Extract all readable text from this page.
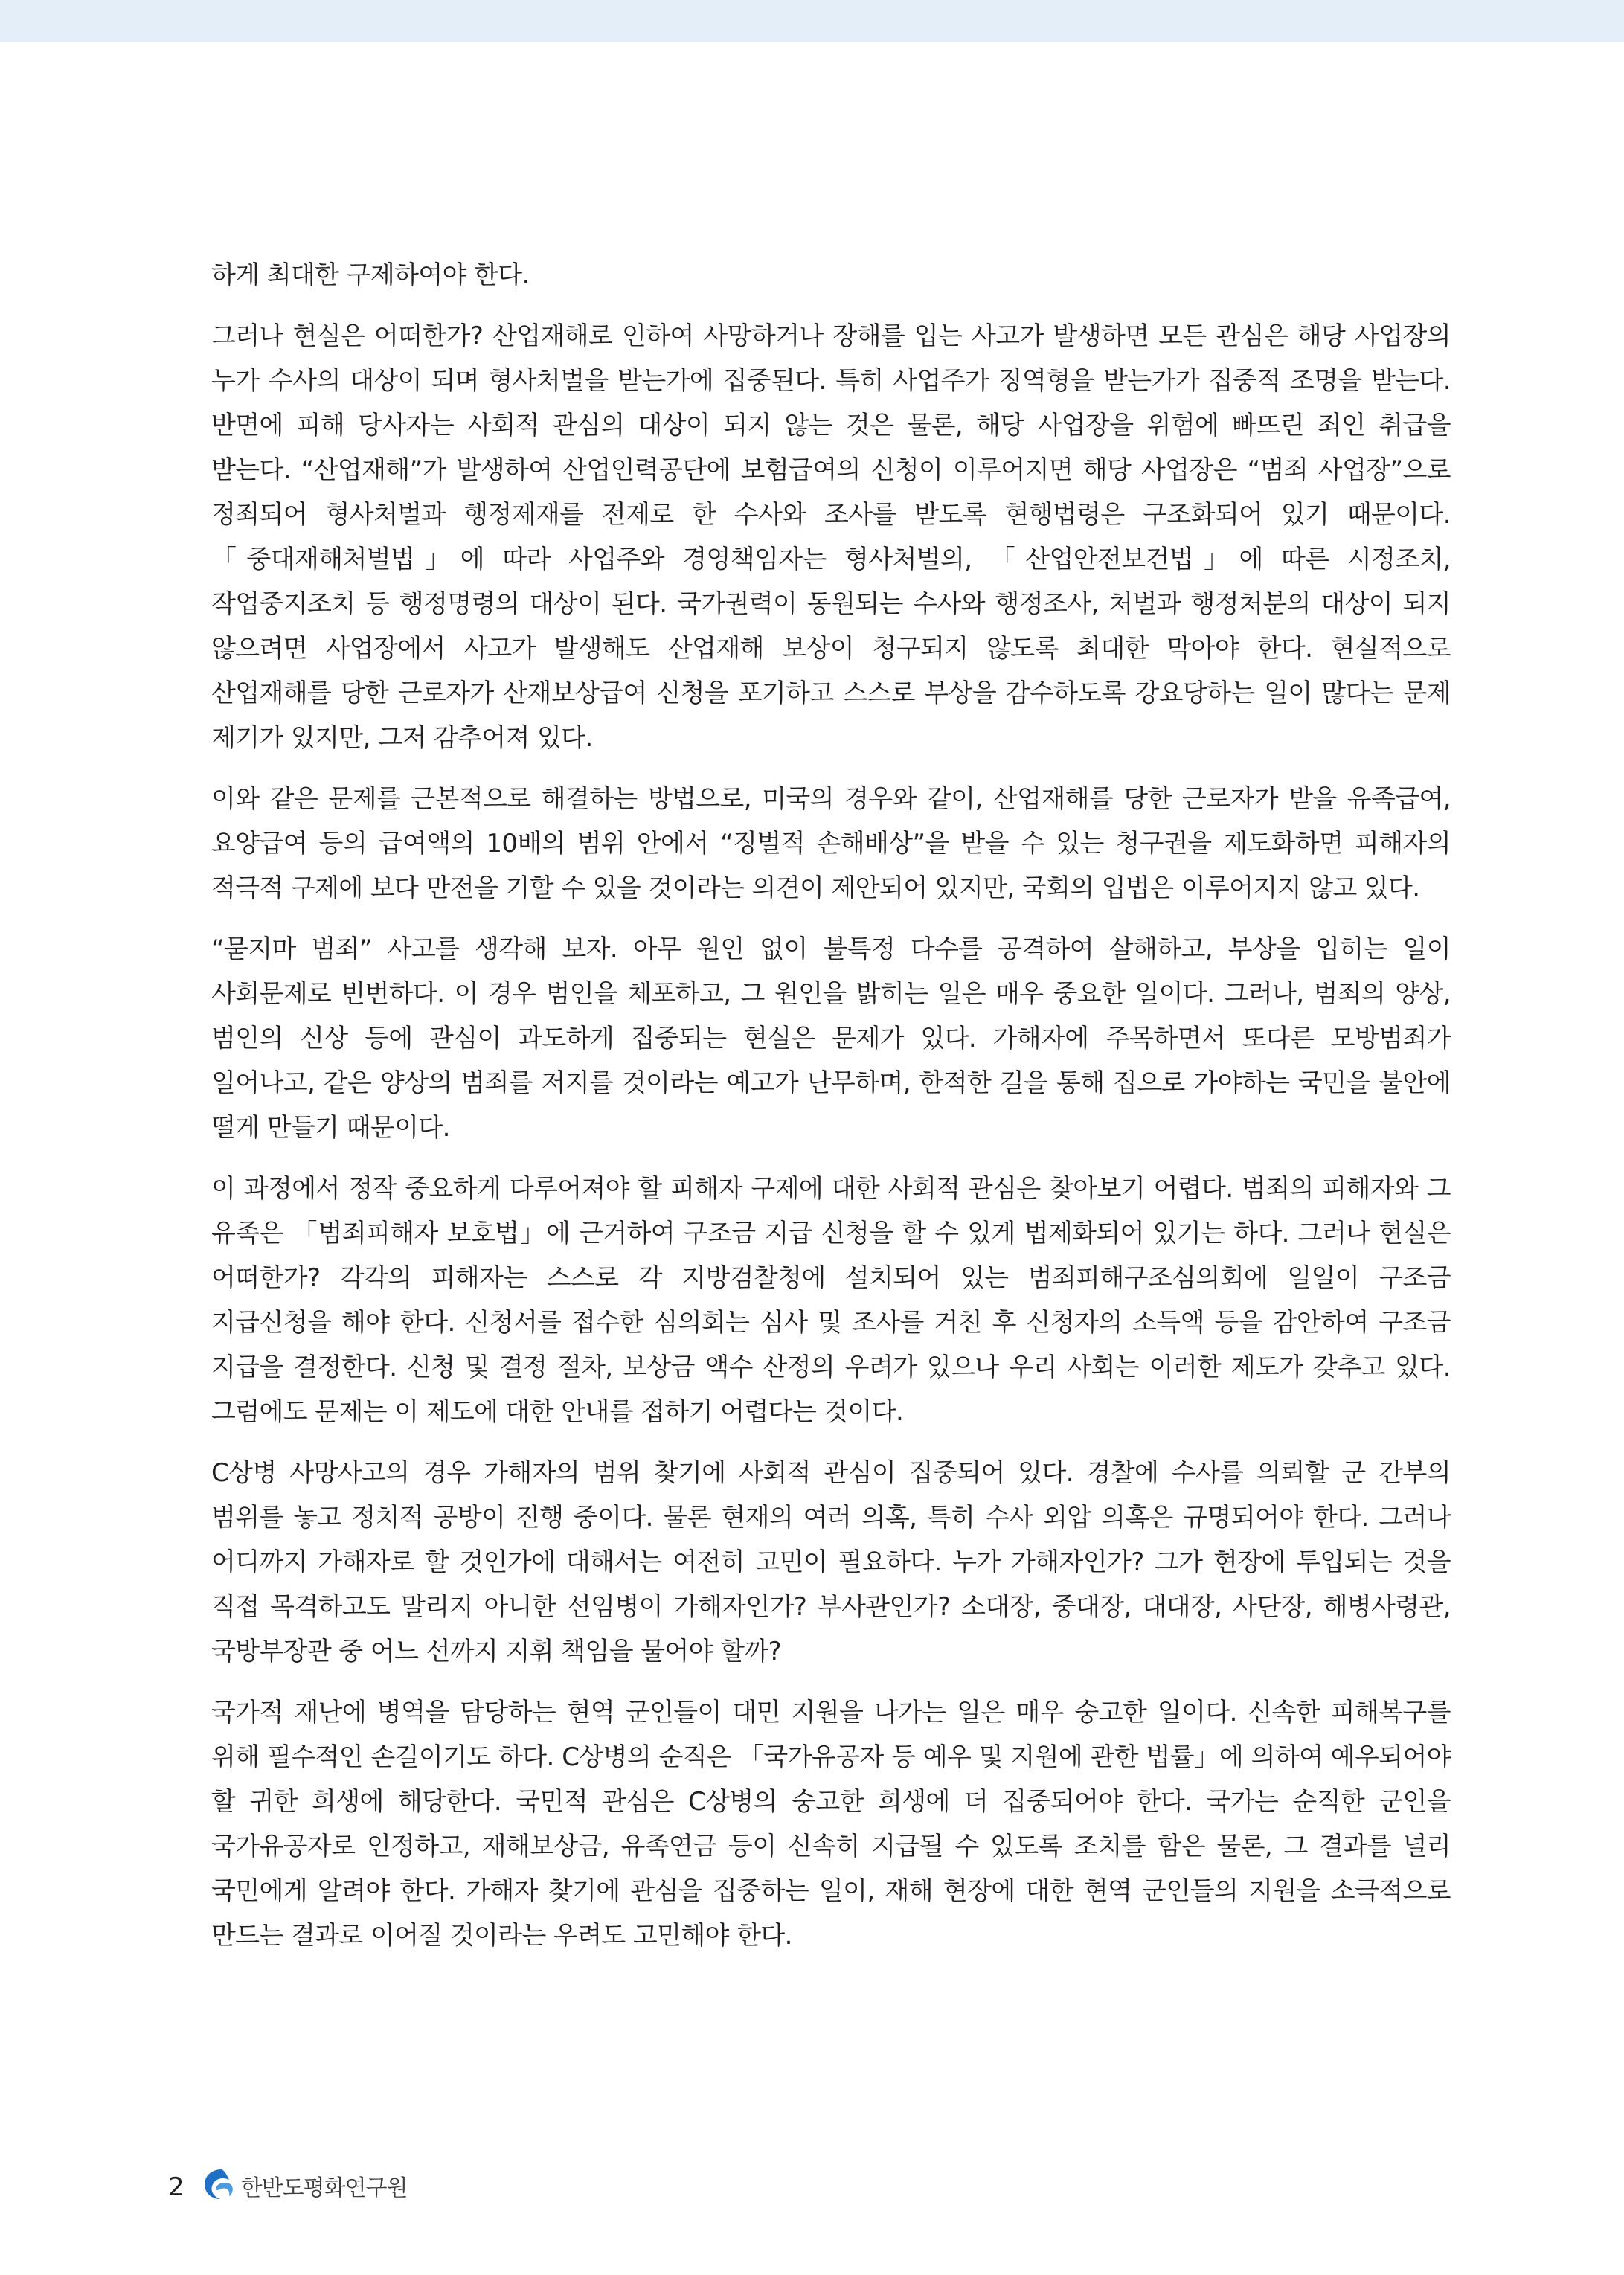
하게 최대한 구제하여야 한다.

그러나 현실은 어떠한가? 산업재해로 인하여 사망하거나 장해를 입는 사고가 발생하면 모든 관심은 해당 사업장의 누가 수사의 대상이 되며 형사처벌을 받는가에 집중된다. 특히 사업주가 징역형을 받는가가 집중적 조명을 받는다. 반면에 피해 당사자는 사회적 관심의 대상이 되지 않는 것은 물론, 해당 사업장을 위험에 빠뜨린 죄인 취급을 받는다. “산업재해”가 발생하여 산업인력공단에 보험급여의 신청이 이루어지면 해당 사업장은 “범죄 사업장”으로 정죄되어 형사처벌과 행정제재를 전제로 한 수사와 조사를 받도록 현행법령은 구조화되어 있기 때문이다. 「중대재해처벌법」에 따라 사업주와 경영책임자는 형사처벌의, 「산업안전보건법」에 따른 시정조치, 작업중지조치 등 행정명령의 대상이 된다. 국가권력이 동원되는 수사와 행정조사, 처벌과 행정처분의 대상이 되지 않으려면 사업장에서 사고가 발생해도 산업재해 보상이 청구되지 않도록 최대한 막아야 한다. 현실적으로 산업재해를 당한 근로자가 산재보상급여 신청을 포기하고 스스로 부상을 감수하도록 강요당하는 일이 많다는 문제 제기가 있지만, 그저 감추어져 있다.

이와 같은 문제를 근본적으로 해결하는 방법으로, 미국의 경우와 같이, 산업재해를 당한 근로자가 받을 유족급여, 요양급여 등의 급여액의 10배의 범위 안에서 “징벌적 손해배상”을 받을 수 있는 청구권을 제도화하면 피해자의 적극적 구제에 보다 만전을 기할 수 있을 것이라는 의견이 제안되어 있지만, 국회의 입법은 이루어지지 않고 있다.

“묻지마 범죄” 사고를 생각해 보자. 아무 원인 없이 불특정 다수를 공격하여 살해하고, 부상을 입히는 일이 사회문제로 빈번하다. 이 경우 범인을 체포하고, 그 원인을 밝히는 일은 매우 중요한 일이다. 그러나, 범죄의 양상, 범인의 신상 등에 관심이 과도하게 집중되는 현실은 문제가 있다. 가해자에 주목하면서 또다른 모방범죄가 일어나고, 같은 양상의 범죄를 저지를 것이라는 예고가 난무하며, 한적한 길을 통해 집으로 가야하는 국민을 불안에 떨게 만들기 때문이다.

이 과정에서 정작 중요하게 다루어져야 할 피해자 구제에 대한 사회적 관심은 찾아보기 어렵다. 범죄의 피해자와 그 유족은 「범죄피해자 보호법」에 근거하여 구조금 지급 신청을 할 수 있게 법제화되어 있기는 하다. 그러나 현실은 어떠한가? 각각의 피해자는 스스로 각 지방검찰청에 설치되어 있는 범죄피해구조심의회에 일일이 구조금 지급신청을 해야 한다. 신청서를 접수한 심의회는 심사 및 조사를 거친 후 신청자의 소득액 등을 감안하여 구조금 지급을 결정한다. 신청 및 결정 절차, 보상금 액수 산정의 우려가 있으나 우리 사회는 이러한 제도가 갖추고 있다. 그럼에도 문제는 이 제도에 대한 안내를 접하기 어렵다는 것이다.

C상병 사망사고의 경우 가해자의 범위 찾기에 사회적 관심이 집중되어 있다. 경찰에 수사를 의뢰할 군 간부의 범위를 놓고 정치적 공방이 진행 중이다. 물론 현재의 여러 의혹, 특히 수사 외압 의혹은 규명되어야 한다. 그러나 어디까지 가해자로 할 것인가에 대해서는 여전히 고민이 필요하다. 누가 가해자인가? 그가 현장에 투입되는 것을 직접 목격하고도 말리지 아니한 선임병이 가해자인가? 부사관인가? 소대장, 중대장, 대대장, 사단장, 해병사령관, 국방부장관 중 어느 선까지 지휘 책임을 물어야 할까?

국가적 재난에 병역을 담당하는 현역 군인들이 대민 지원을 나가는 일은 매우 숭고한 일이다. 신속한 피해복구를 위해 필수적인 손길이기도 하다. C상병의 순직은 「국가유공자 등 예우 및 지원에 관한 법률」에 의하여 예우되어야 할 귀한 희생에 해당한다. 국민적 관심은 C상병의 숭고한 희생에 더 집중되어야 한다. 국가는 순직한 군인을 국가유공자로 인정하고, 재해보상금, 유족연금 등이 신속히 지급될 수 있도록 조치를 함은 물론, 그 결과를 널리 국민에게 알려야 한다. 가해자 찾기에 관심을 집중하는 일이, 재해 현장에 대한 현역 군인들의 지원을 소극적으로 만드는 결과로 이어질 것이라는 우려도 고민해야 한다.

2	한반도평화연구원
